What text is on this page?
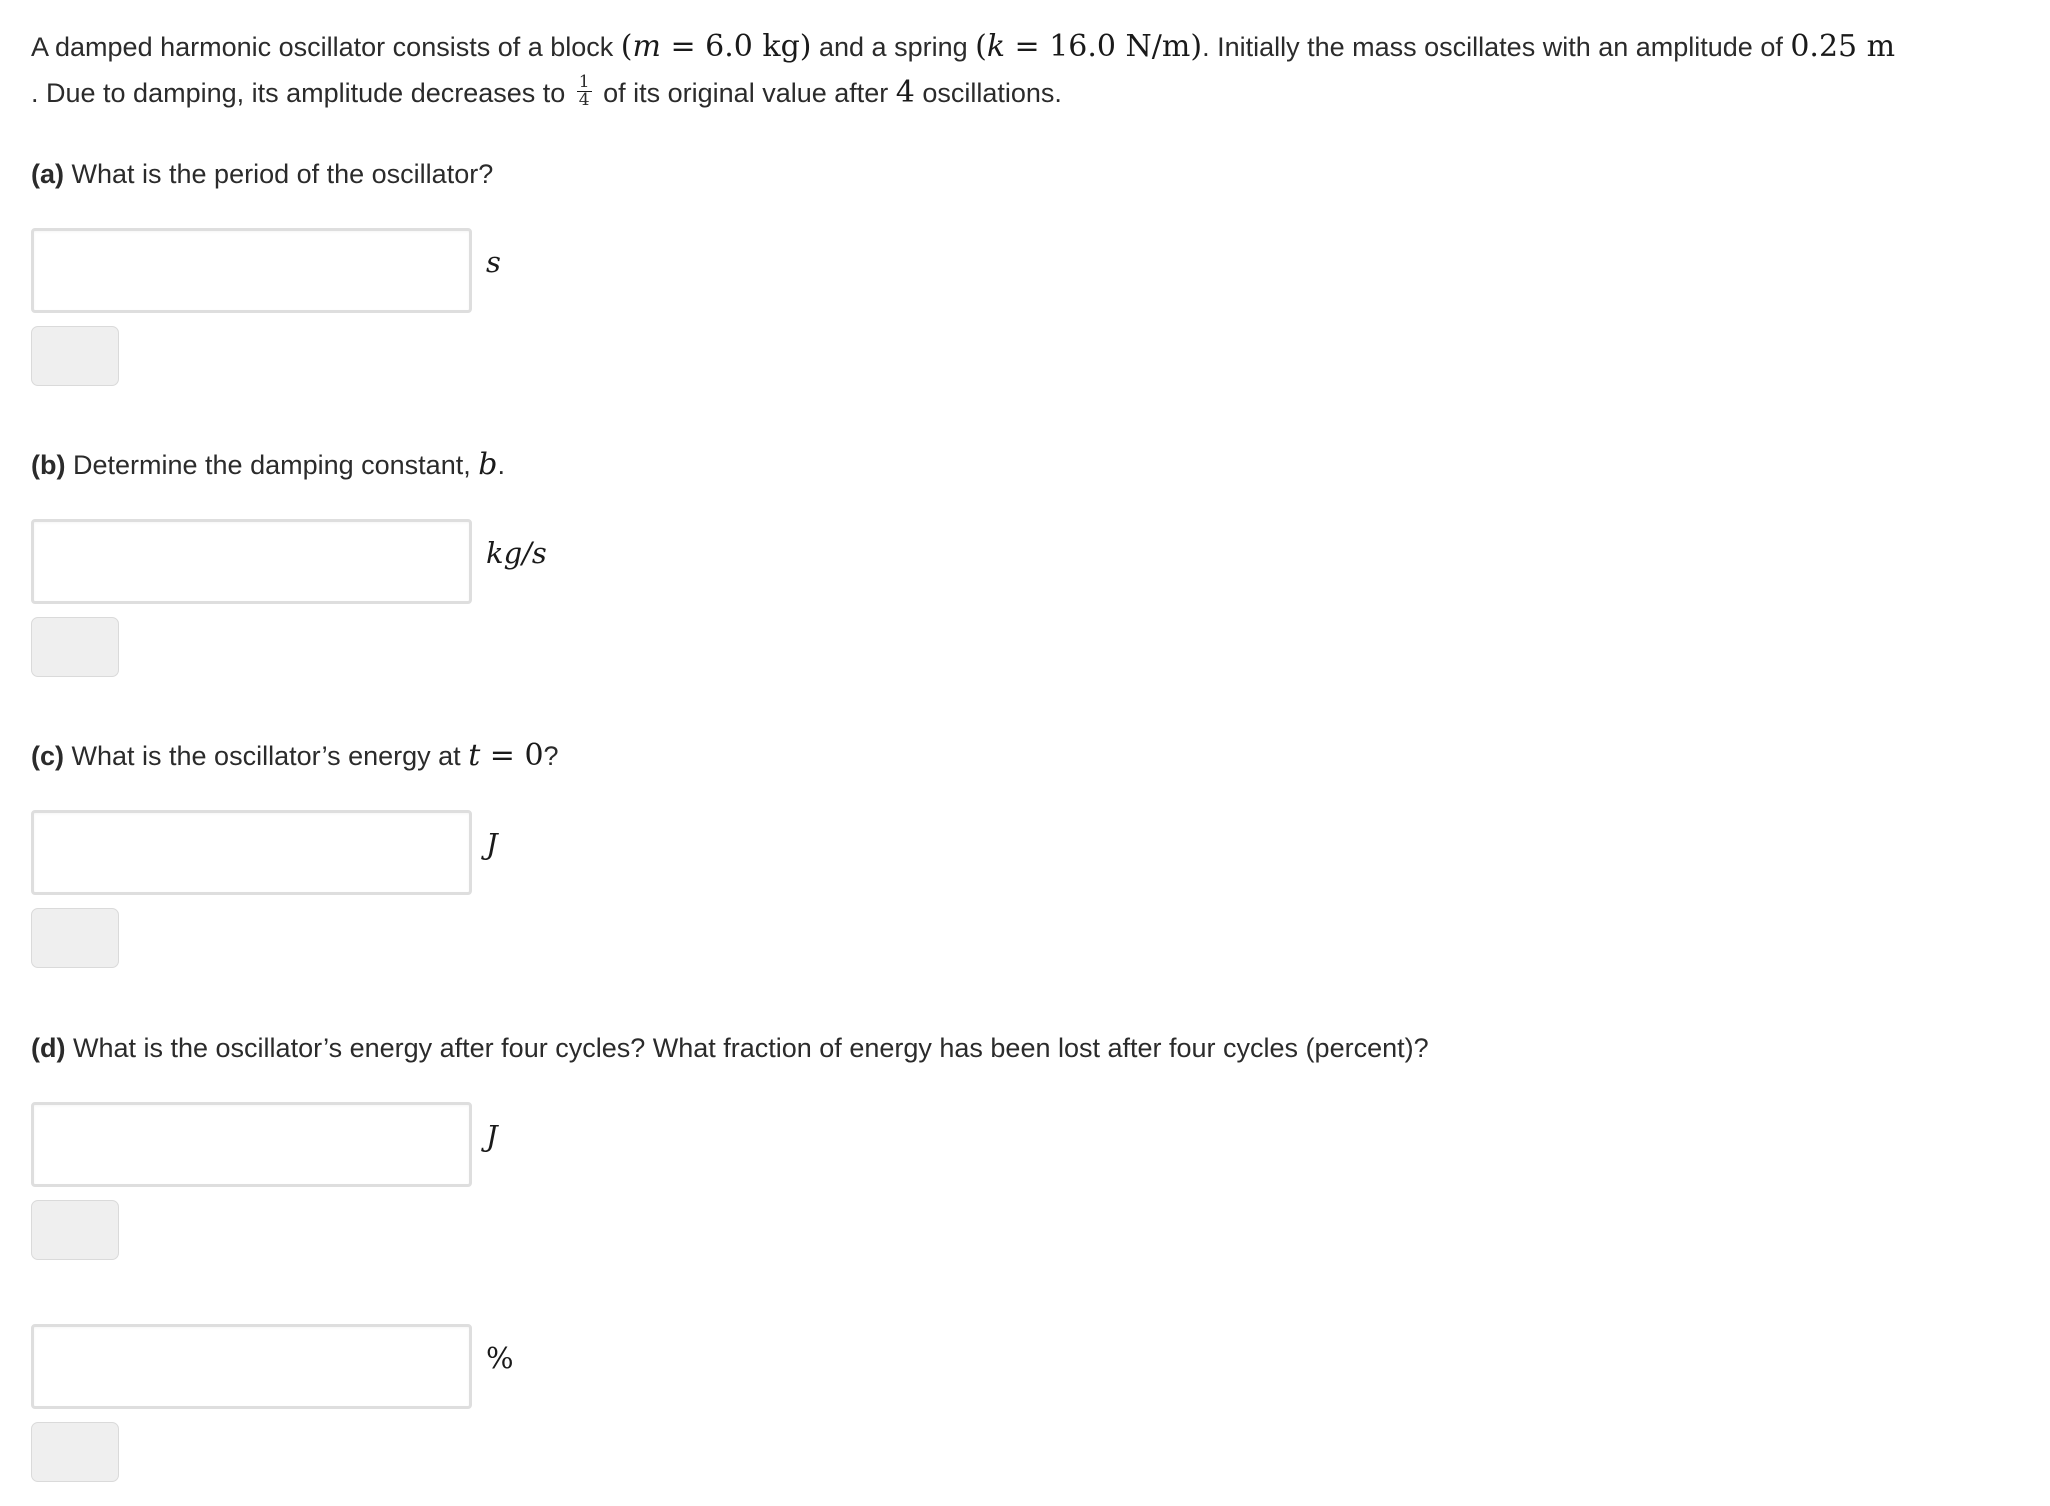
A damped harmonic oscillator consists of a block (m = 6.0 kg) and a spring (k = 16.0 N/m). Initially the mass oscillates with an amplitude of 0.25 m
. Due to damping, its amplitude decreases to $\frac{1}{4}$ of its original value after 4 oscillations.
(a) What is the period of the oscillator?
s
(b) Determine the damping constant, b.
kg/s
(c) What is the oscillator’s energy at t = 0?
J
(d) What is the oscillator’s energy after four cycles? What fraction of energy has been lost after four cycles (percent)?
J
%
